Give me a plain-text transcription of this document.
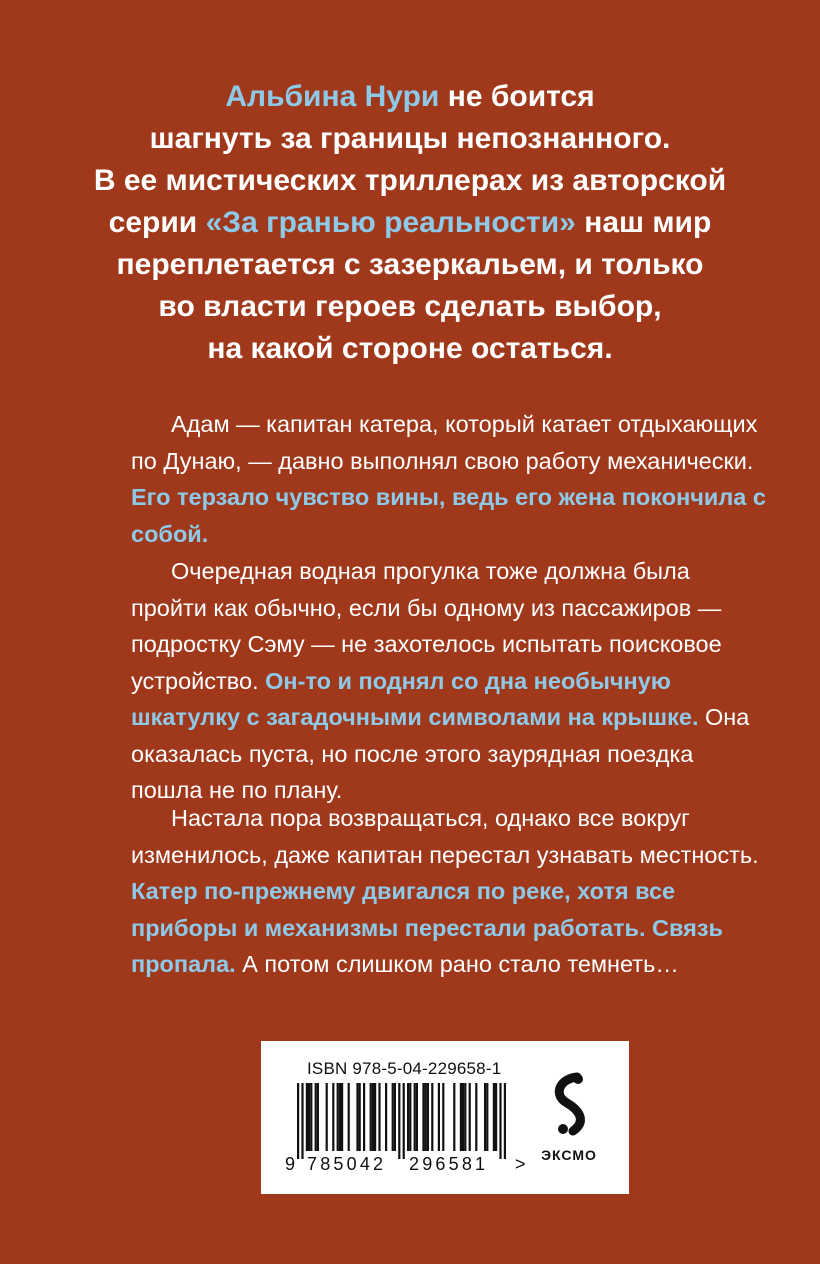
Альбина Нури не боится
шагнуть за границы непознанного.
В ее мистических триллерах из авторской
серии «За гранью реальности» наш мир
переплетается с зазеркальем, и только
во власти героев сделать выбор,
на какой стороне остаться.

Адам — капитан катера, который катает отдыхающих по Дунаю, — давно выполнял свою работу механически. Его терзало чувство вины, ведь его жена покончила с собой.

Очередная водная прогулка тоже должна была пройти как обычно, если бы одному из пассажиров — подростку Сэму — не захотелось испытать поисковое устройство. Он-то и поднял со дна необычную шкатулку с загадочными символами на крышке. Она оказалась пуста, но после этого заурядная поездка пошла не по плану.

Настала пора возвращаться, однако все вокруг изменилось, даже капитан перестал узнавать местность. Катер по-прежнему двигался по реке, хотя все приборы и механизмы перестали работать. Связь пропала. А потом слишком рано стало темнеть…

ISBN 978-5-04-229658-1
9 785042 296581 >	ЭКСМО
